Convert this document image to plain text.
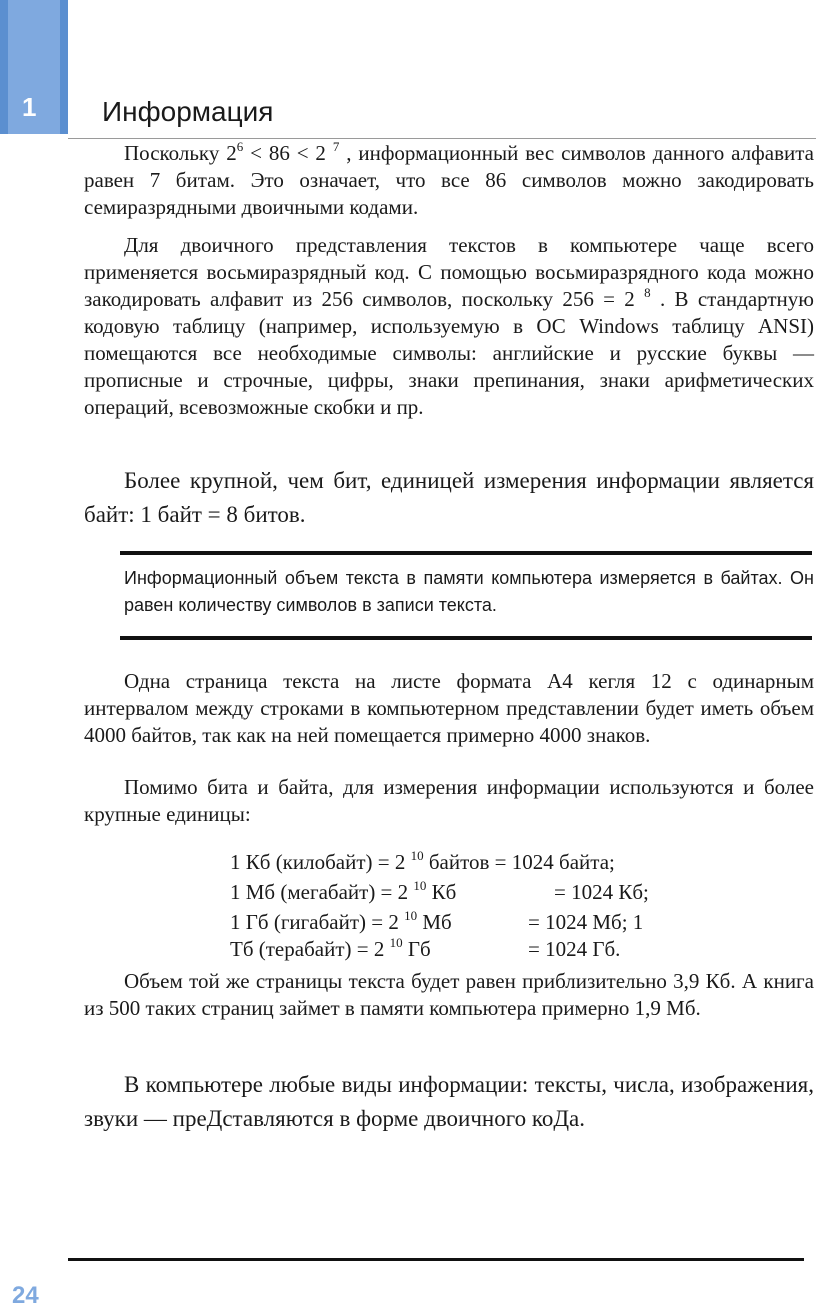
1 Информация

Поскольку $2^6 < 86 < 2$ $^7$ , информационный вес символов данного алфавита равен 7 битам. Это означает, что все 86 символов можно закодировать семиразрядными двоичными кодами.

Для двоичного представления текстов в компьютере чаще всего применяется восьмиразрядный код. С помощью восьмиразрядного кода можно закодировать алфавит из 256 символов, поскольку 256 = 2 $^8$ . В стандартную кодовую таблицу (например, используемую в ОС Windows таблицу ANSI) помещаются все необходимые символы: английские и русские буквы — прописные и строчные, цифры, знаки препинания, знаки арифметических операций, всевозможные скобки и пр.

Более крупной, чем бит, единицей измерения информации является байт: 1 байт = 8 битов.

Информационный объем текста в памяти компьютера измеряется в байтах. Он равен количеству символов в записи текста.

Одна страница текста на листе формата А4 кегля 12 с одинарным интервалом между строками в компьютерном представлении будет иметь объем 4000 байтов, так как на ней помещается примерно 4000 знаков.

Помимо бита и байта, для измерения информации используются и более крупные единицы:

1 Кб (килобайт) = 2 $^{10}$ байтов = 1024 байта;
1 Мб (мегабайт) = 2 $^{10}$ Кб	= 1024 Кб;
1 Гб (гигабайт) = 2 $^{10}$ Мб	= 1024 Мб; 1
Тб (терабайт) = 2 $^{10}$ Гб	= 1024 Гб.

Объем той же страницы текста будет равен приблизительно 3,9 Кб. А книга из 500 таких страниц займет в памяти компьютера примерно 1,9 Мб.

В компьютере любые виды информации: тексты, числа, изображения, звуки — преДставляются в форме двоичного коДа.

24
